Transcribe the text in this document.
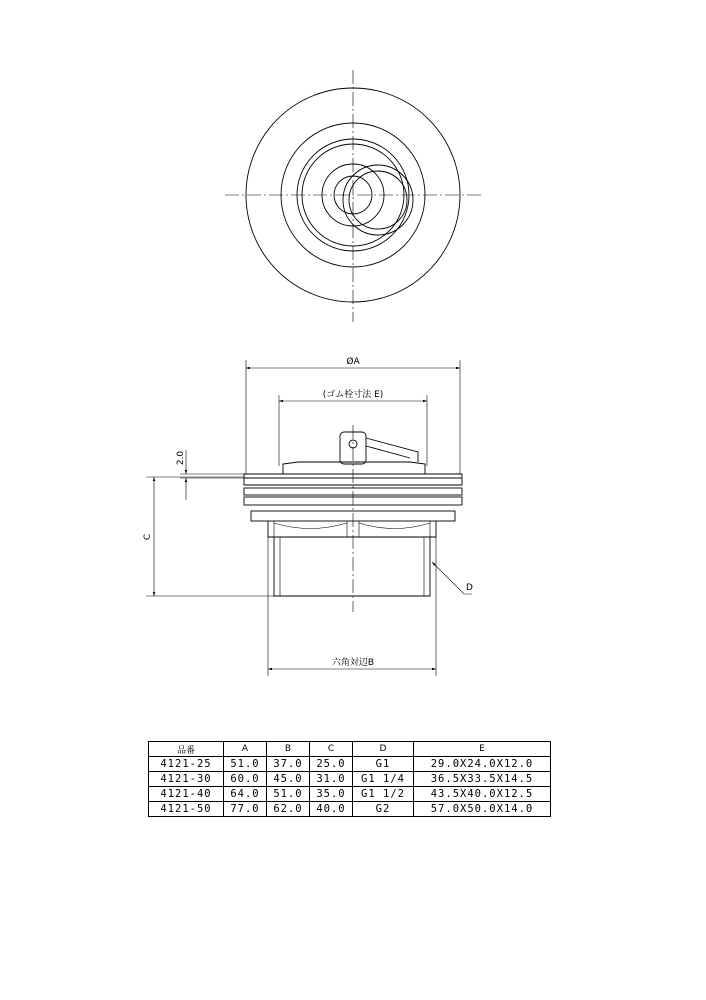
ØA
(ゴム栓寸法 E)
2.0
C
D
六角対辺B
品番	A	B	C	D	E
4121-25	51.0	37.0	25.0	G1	29.0X24.0X12.0
4121-30	60.0	45.0	31.0	G1 1/4	36.5X33.5X14.5
4121-40	64.0	51.0	35.0	G1 1/2	43.5X40.0X12.5
4121-50	77.0	62.0	40.0	G2	57.0X50.0X14.0
